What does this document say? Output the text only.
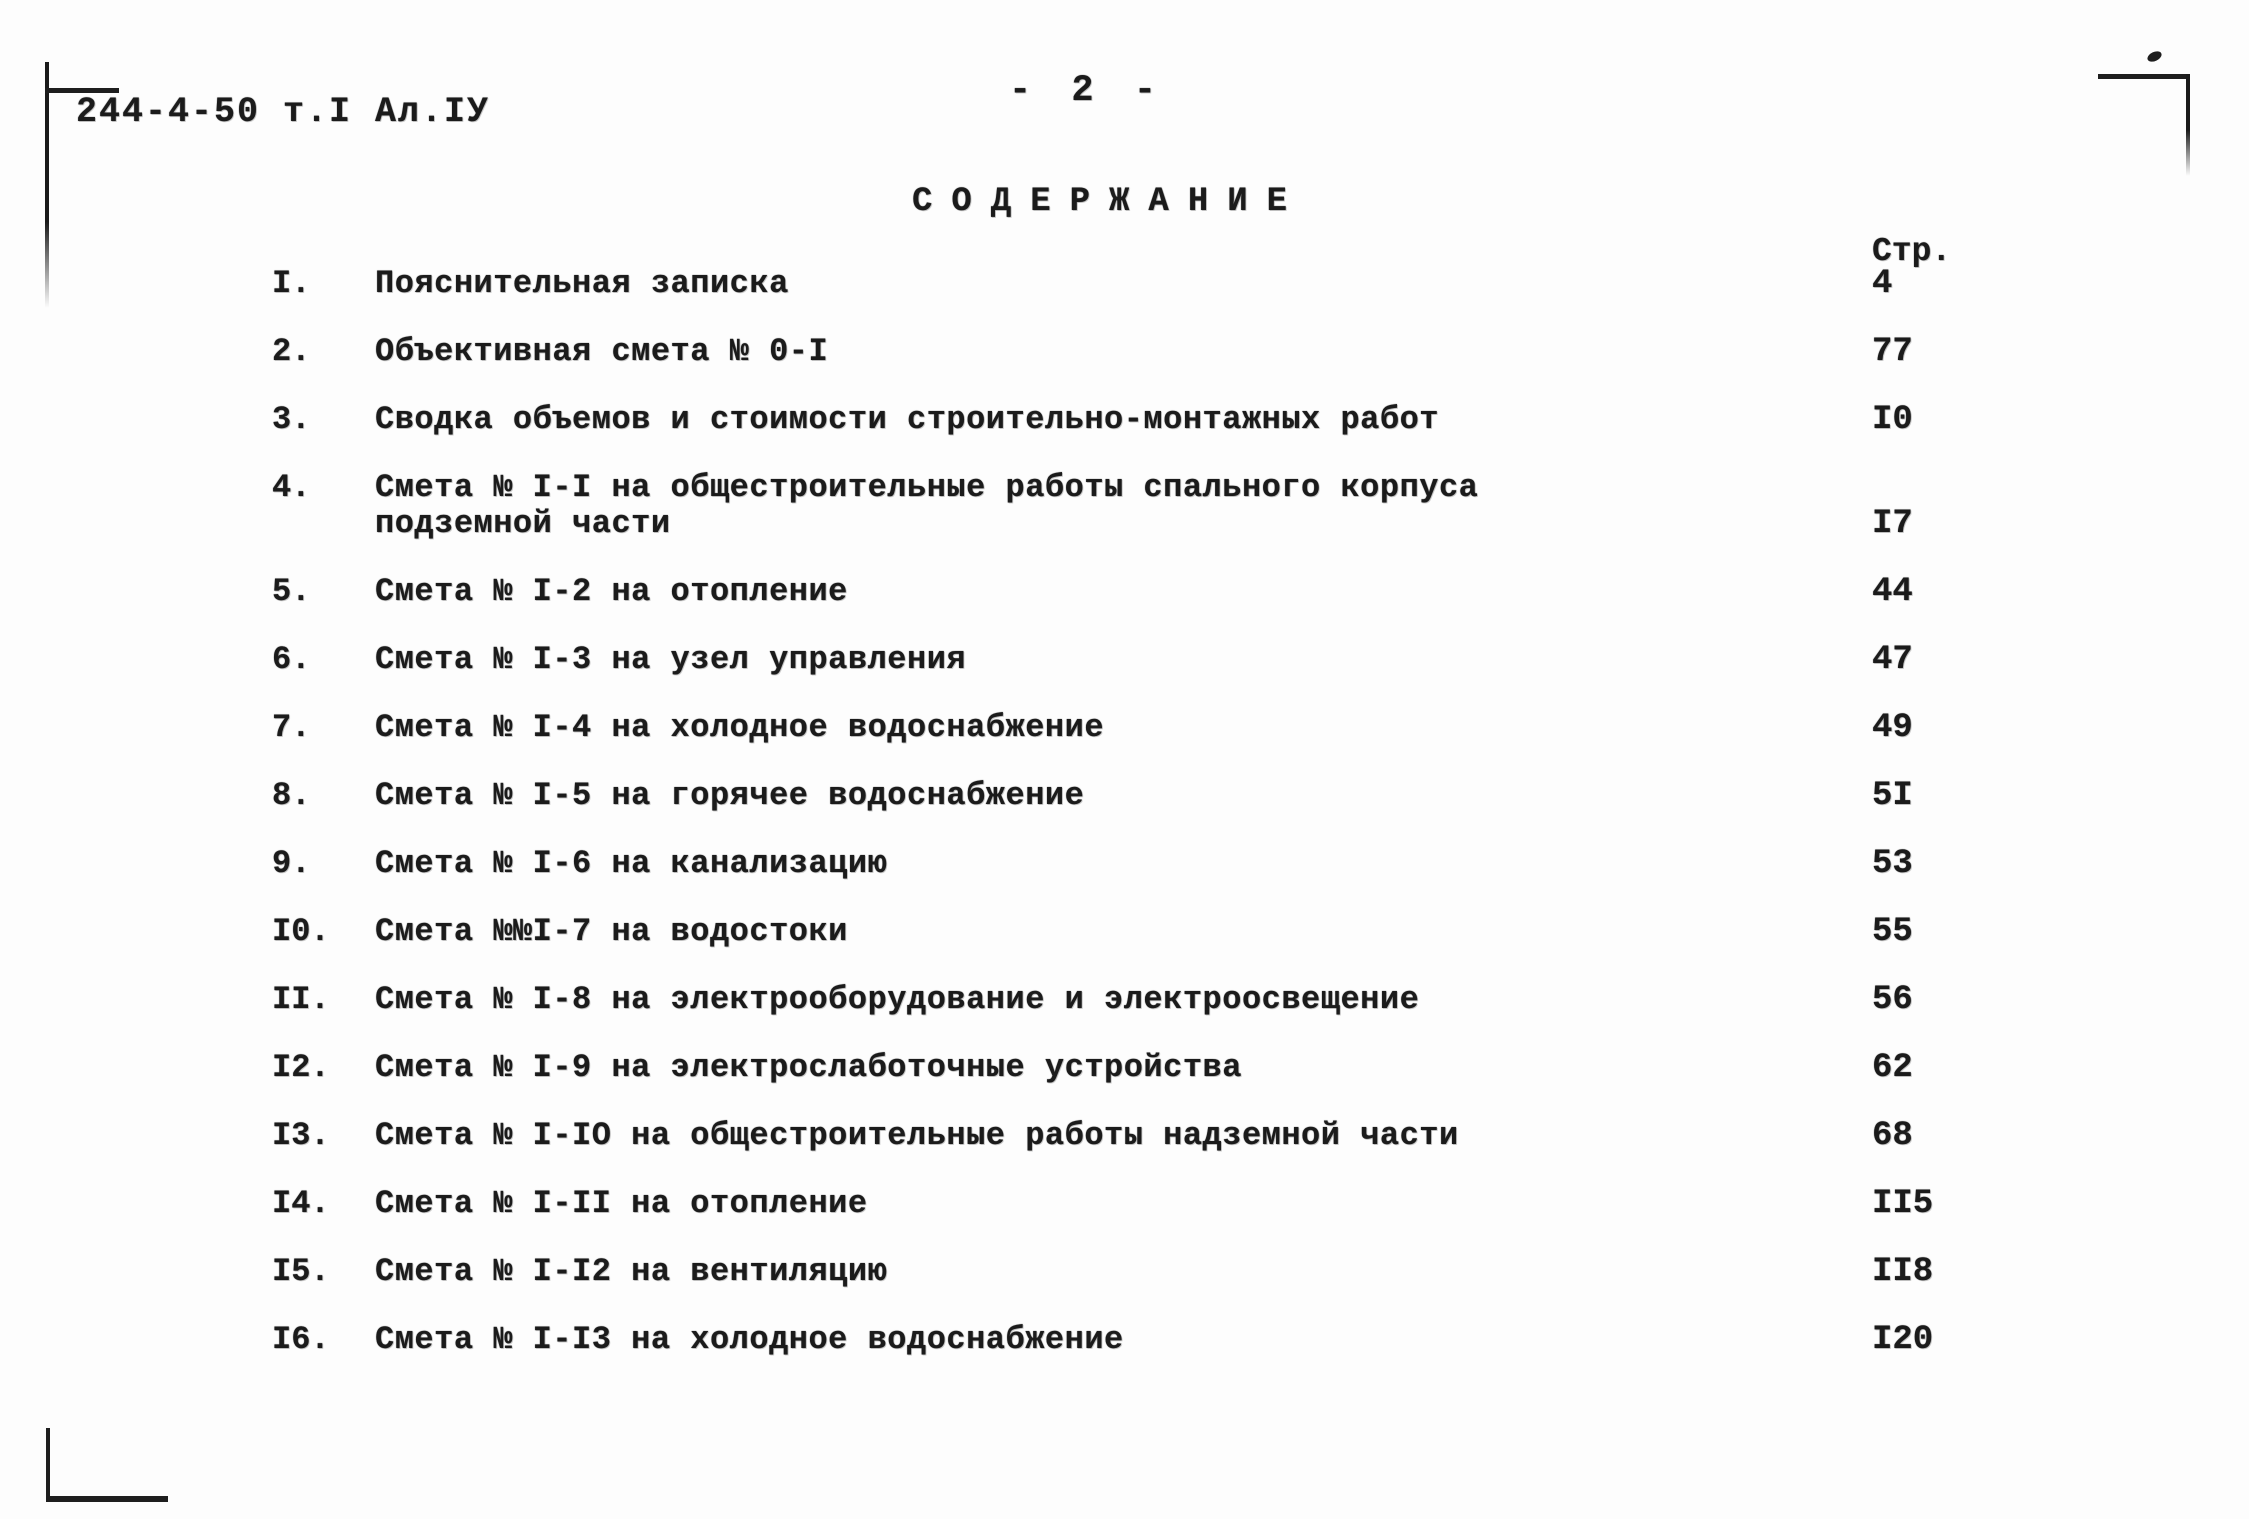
244-4-50 т.I Ал.IУ	- 2 -
СОДЕРЖАНИЕ
Стр.
I. Пояснительная записка	4
2. Объективная смета № 0-I	77
3. Сводка объемов и стоимости строительно-монтажных работ	I0
4. Смета № I-I на общестроительные работы спального корпуса подземной части	I7
5. Смета № I-2 на отопление	44
6. Смета № I-3 на узел управления	47
7. Смета № I-4 на холодное водоснабжение	49
8. Смета № I-5 на горячее водоснабжение	5I
9. Смета № I-6 на канализацию	53
I0. Смета №№I-7 на водостоки	55
II. Смета № I-8 на электрооборудование и электроосвещение	56
I2. Смета № I-9 на электрослаботочные устройства	62
I3. Смета № I-IO на общестроительные работы надземной части	68
I4. Смета № I-II на отопление	II5
I5. Смета № I-I2 на вентиляцию	II8
I6. Смета № I-I3 на холодное водоснабжение	I20
